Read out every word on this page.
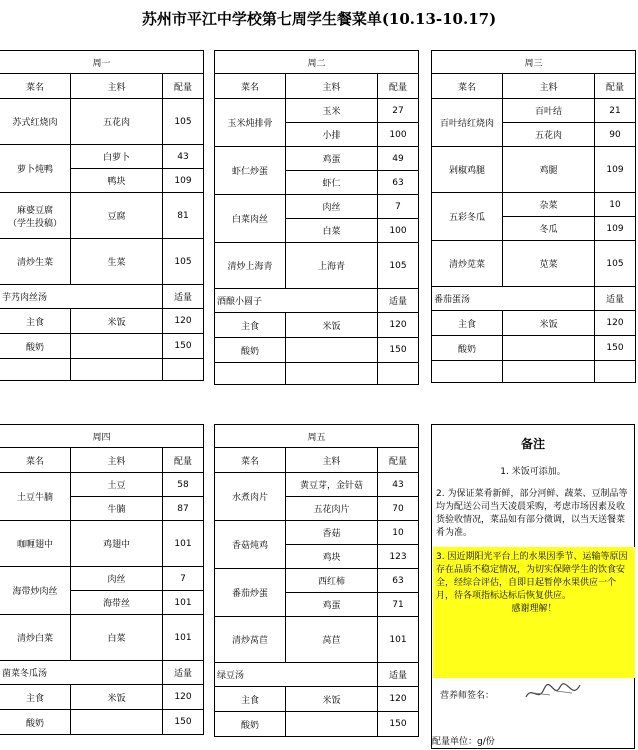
苏州市平江中学校第七周学生餐菜单(10.13-10.17)
周一		
菜名	主料	配量
苏式红烧肉	五花肉	105
萝卜炖鸭	白萝卜	43
	鸭块	109
麻婆豆腐
（学生投稿）	豆腐	81
清炒生菜	生菜	105
芋艿肉丝汤		适量
主食	米饭	120
酸奶		150

周二		
菜名	主料	配量
玉米炖排骨	玉米	27
	小排	100
虾仁炒蛋	鸡蛋	49
	虾仁	63
白菜肉丝	肉丝	7
	白菜	100
清炒上海青	上海青	105
酒酿小圆子		适量
主食	米饭	120
酸奶		150

周三		
菜名	主料	配量
百叶结红烧肉	百叶结	21
	五花肉	90
剁椒鸡腿	鸡腿	109
五彩冬瓜	杂菜	10
	冬瓜	109
清炒苋菜	苋菜	105
番茄蛋汤		适量
主食	米饭	120
酸奶		150

周四		
菜名	主料	配量
土豆牛腩	土豆	58
	牛腩	87
咖喱翅中	鸡翅中	101
海带炒肉丝	肉丝	7
	海带丝	101
清炒白菜	白菜	101
菌菜冬瓜汤		适量
主食	米饭	120
酸奶		150
周五		
菜名	主料	配量
水煮肉片	黄豆芽，金针菇	43
	五花肉片	70
香菇炖鸡	香菇	10
	鸡块	123
番茄炒蛋	西红柿	63
	鸡蛋	71
清炒莴苣	莴苣	101
绿豆汤		适量
主食	米饭	120
酸奶		150
备注
1. 米饭可添加。
2. 为保证菜肴新鲜，部分河鲜、蔬菜、豆制品等均为配送公司当天凌晨采购，考虑市场因素及收货验收情况，菜品如有部分微调，以当天送餐菜肴为准。
3. 因近期阳光平台上的水果因季节、运输等原因存在品质不稳定情况，为切实保障学生的饮食安全，经综合评估，自即日起暂停水果供应一个月，待各项指标达标后恢复供应。
感谢理解！
营养师签名：
配量单位：g/份
